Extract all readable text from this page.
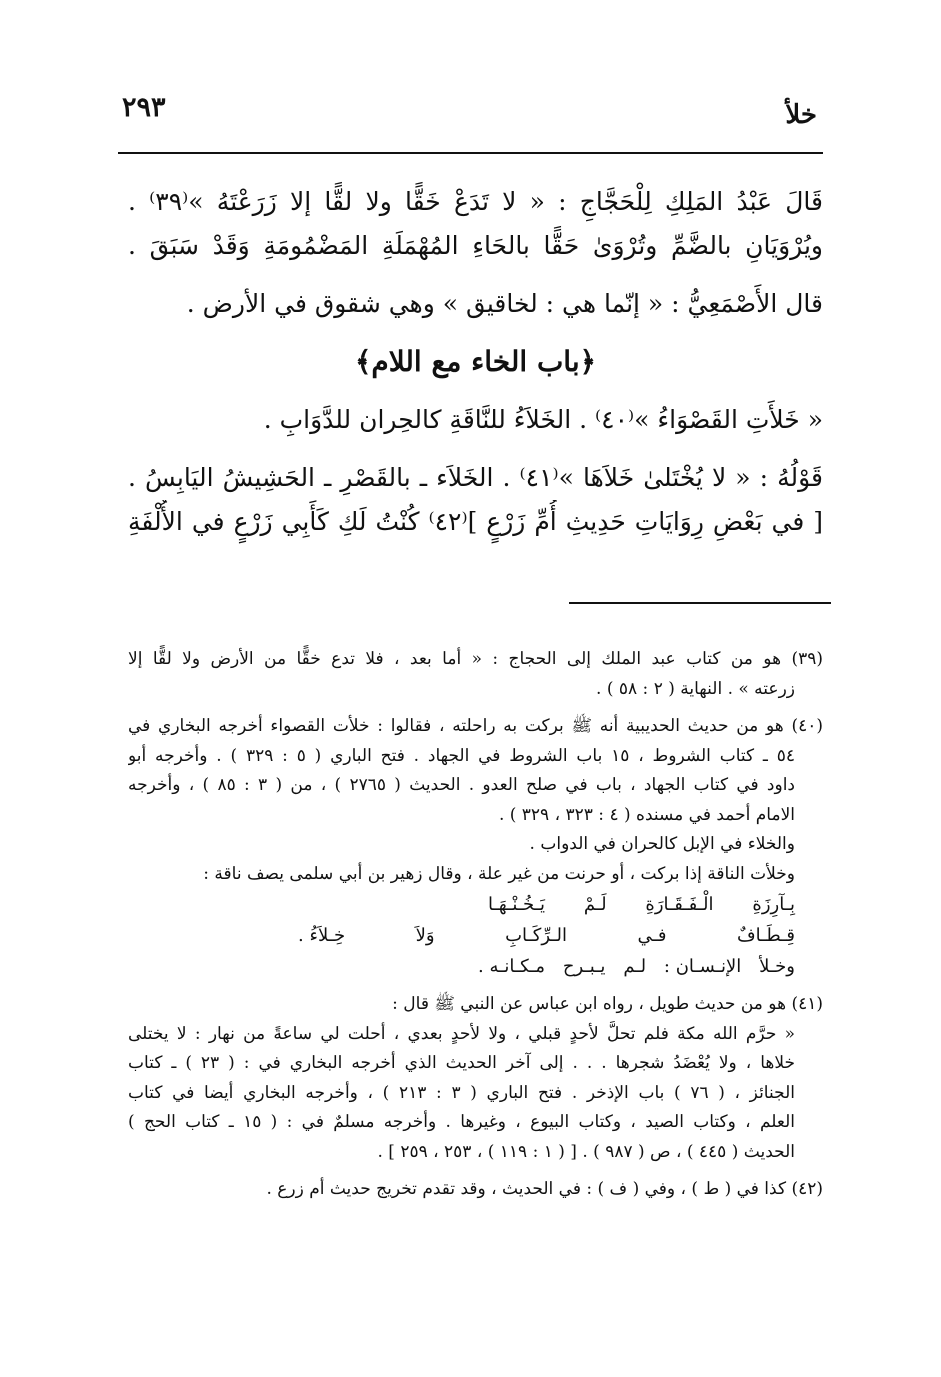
خلأ
٢٩٣
قَالَ عَبْدُ المَلِكِ لِلْحَجَّاجِ : « لا تَدَعْ خَقًّا ولا لقًّا إلا زَرَعْتَهُ »⁽٣٩⁾ .
ويُرْوَيَانِ بالضَّمِّ وتُرْوَىٰ حَقًّا بالحَاءِ المُهْمَلَةِ المَضْمُومَةِ وَقَدْ سَبَقَ .
قال الأَصْمَعِيُّ : « إنّما هي : لخاقيق » وهي شقوق في الأرض .
﴿باب الخاء مع اللام﴾
« خَلأَتِ القَصْوَاءُ »⁽٤٠⁾ . الخَلاَءُ للنَّاقَةِ كالحِران للدَّوَابِ .
قَوْلُهُ : « لا يُخْتَلىٰ خَلاَهَا »⁽٤١⁾ . الخَلاَء ـ بالقَصْرِ ـ الحَشِيشُ اليَابِسُ .
[ في بَعْضِ رِوَايَاتِ حَدِيثِ أُمِّ زَرْعٍ ]⁽٤٢⁾ كُنْتُ لَكِ كَأَبِي زَرْعٍ في الأُلْفَةِ
(٣٩) هو من كتاب عبد الملك إلى الحجاج : « أما بعد ، فلا تدع خقًّا من الأرض ولا لقًّا إلا
زرعته » . النهاية ( ٢ : ٥٨ ) .
(٤٠) هو من حديث الحديبية أنه ﷺ بركت به راحلته ، فقالوا : خلأت القصواء أخرجه البخاري في
٥٤ ـ كتاب الشروط ، ١٥ باب الشروط في الجهاد . فتح الباري ( ٥ : ٣٢٩ ) . وأخرجه أبو
داود في كتاب الجهاد ، باب في صلح العدو . الحديث ( ٢٧٦٥ ) ، من ( ٣ : ٨٥ ) ، وأخرجه
الامام أحمد في مسنده ( ٤ : ٣٢٣ ، ٣٢٩ ) .
والخلاء في الإبل كالحران في الدواب .
وخلأت الناقة إذا بركت ، أو حرنت من غير علة ، وقال زهير بن أبي سلمى يصف ناقة :
بِـآرِزَةِ
الْـفَـقَـارَةِ
لَـمْ
يَـخُـنْـهَـا
قِـطَـافٌ
فـي
الـرِّكَـابِ
وَلاَ
خِـلاَءُ .
وخـلأ
الإنـسـان :
لـم
يـبـرح
مـكـانـه .
(٤١) هو من حديث طويل ، رواه ابن عباس عن النبي ﷺ قال :
« حرَّم الله مكة فلم تحلَّ لأحدٍ قبلي ، ولا لأحدٍ بعدي ، أحلت لي ساعةً من نهار : لا يختلى
خلاها ، ولا يُعْضَدُ شجرها . . . إلى آخر الحديث الذي أخرجه البخاري في : ( ٢٣ ) ـ كتاب
الجنائز ، ( ٧٦ ) باب الإذخر . فتح الباري ( ٣ : ٢١٣ ) ، وأخرجه البخاري أيضا في كتاب
العلم ، وكتاب الصيد ، وكتاب البيوع ، وغيرها . وأخرجه مسلمٌ في : ( ١٥ ـ كتاب الحج )
الحديث ( ٤٤٥ ) ، ص ( ٩٨٧ ) . [ ( ١ : ١١٩ ) ، ٢٥٣ ، ٢٥٩ ] .
(٤٢) كذا في ( ط ) ، وفي ( ف ) : في الحديث ، وقد تقدم تخريج حديث أم زرع .
